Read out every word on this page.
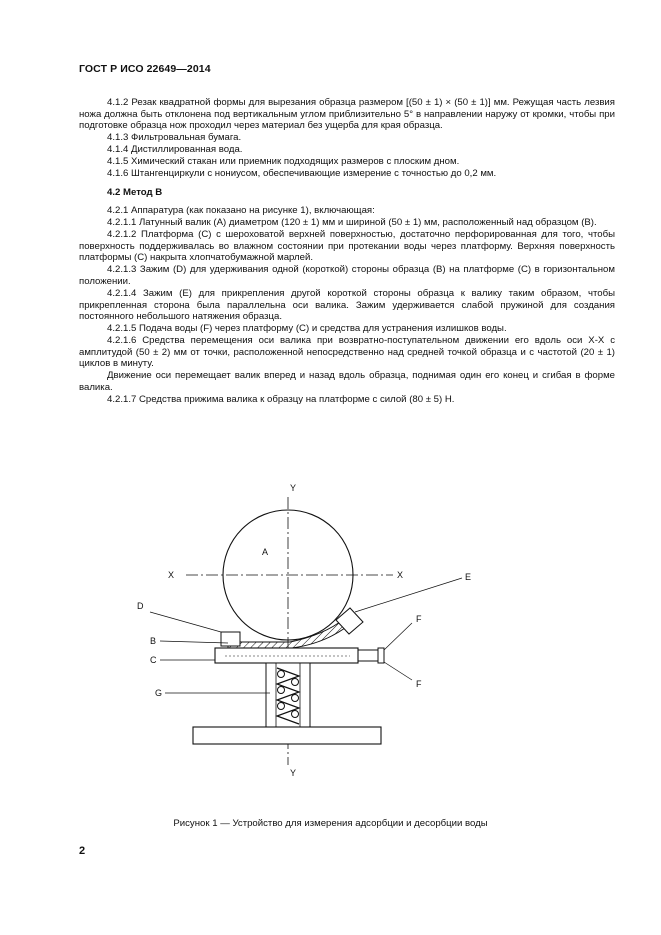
ГОСТ Р ИСО 22649—2014

4.1.2 Резак квадратной формы для вырезания образца размером [(50 ± 1) × (50 ± 1)] мм. Режущая часть лезвия ножа должна быть отклонена под вертикальным углом приблизительно 5° в направлении наружу от кромки, чтобы при подготовке образца нож проходил через материал без ущерба для края образца.

4.1.3 Фильтровальная бумага.

4.1.4 Дистиллированная вода.

4.1.5 Химический стакан или приемник подходящих размеров с плоским дном.

4.1.6 Штангенциркули с нониусом, обеспечивающие измерение с точностью до 0,2 мм.

4.2 Метод В

4.2.1 Аппаратура (как показано на рисунке 1), включающая:

4.2.1.1 Латунный валик (A) диаметром (120 ± 1) мм и шириной (50 ± 1) мм, расположенный над образцом (B).

4.2.1.2 Платформа (C) с шероховатой верхней поверхностью, достаточно перфорированная для того, чтобы поверхность поддерживалась во влажном состоянии при протекании воды через платформу. Верхняя поверхность платформы (C) накрыта хлопчатобумажной марлей.

4.2.1.3 Зажим (D) для удерживания одной (короткой) стороны образца (B) на платформе (C) в горизонтальном положении.

4.2.1.4 Зажим (E) для прикрепления другой короткой стороны образца к валику таким образом, чтобы прикрепленная сторона была параллельна оси валика. Зажим удерживается слабой пружиной для создания постоянного небольшого натяжения образца.

4.2.1.5 Подача воды (F) через платформу (C) и средства для устранения излишков воды.

4.2.1.6 Средства перемещения оси валика при возвратно-поступательном движении его вдоль оси X-X с амплитудой (50 ± 2) мм от точки, расположенной непосредственно над средней точкой образца и с частотой (20 ± 1) циклов в минуту.

Движение оси перемещает валик вперед и назад вдоль образца, поднимая один его конец и сгибая в форме валика.

4.2.1.7 Средства прижима валика к образцу на платформе с силой (80 ± 5) Н.

A
X	X
Y
Y
E
D
B
C
G
F
F
Рисунок 1 — Устройство для измерения адсорбции и десорбции воды
2
